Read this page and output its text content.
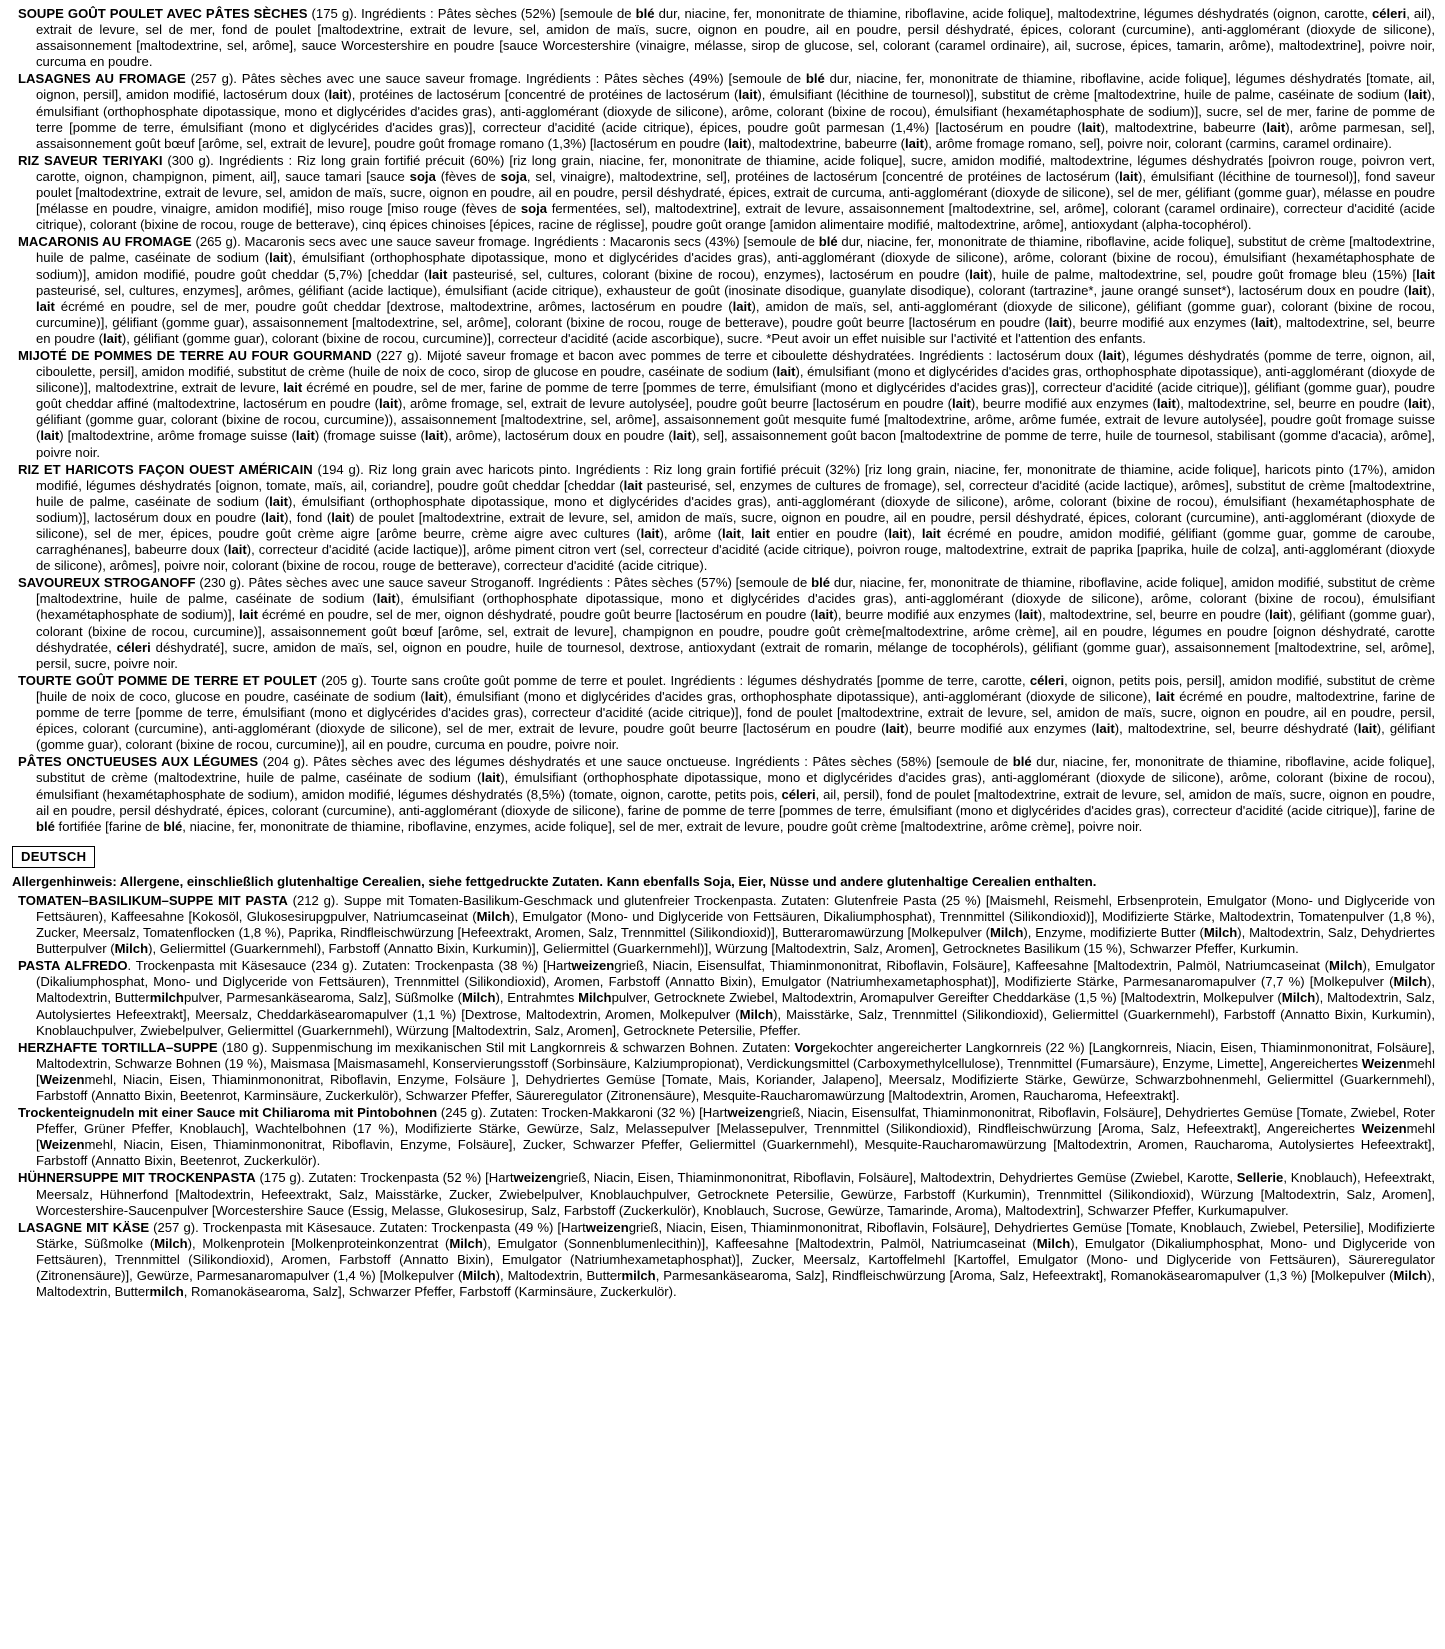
SOUPE GOÛT POULET AVEC PÂTES SÈCHES (175 g). Ingrédients : Pâtes sèches (52%) [semoule de blé dur, niacine, fer, mononitrate de thiamine, riboflavine, acide folique], maltodextrine, légumes déshydratés (oignon, carotte, céleri, ail), extrait de levure, sel de mer, fond de poulet [maltodextrine, extrait de levure, sel, amidon de maïs, sucre, oignon en poudre, ail en poudre, persil déshydraté, épices, colorant (curcumine), anti-agglomérant (dioxyde de silicone), assaisonnement [maltodextrine, sel, arôme], sauce Worcestershire en poudre [sauce Worcestershire (vinaigre, mélasse, sirop de glucose, sel, colorant (caramel ordinaire), ail, sucrose, épices, tamarin, arôme), maltodextrine], poivre noir, curcuma en poudre.

LASAGNES AU FROMAGE (257 g). Pâtes sèches avec une sauce saveur fromage. Ingrédients : Pâtes sèches (49%) [semoule de blé dur, niacine, fer, mononitrate de thiamine, riboflavine, acide folique], légumes déshydratés [tomate, ail, oignon, persil], amidon modifié, lactosérum doux (lait), protéines de lactosérum [concentré de protéines de lactosérum (lait), émulsifiant (lécithine de tournesol)], substitut de crème [maltodextrine, huile de palme, caséinate de sodium (lait), émulsifiant (orthophosphate dipotassique, mono et diglycérides d'acides gras), anti-agglomérant (dioxyde de silicone), arôme, colorant (bixine de rocou), émulsifiant (hexamétaphosphate de sodium)], sucre, sel de mer, farine de pomme de terre [pomme de terre, émulsifiant (mono et diglycérides d'acides gras)], correcteur d'acidité (acide citrique), épices, poudre goût parmesan (1,4%) [lactosérum en poudre (lait), maltodextrine, babeurre (lait), arôme parmesan, sel], assaisonnement goût bœuf [arôme, sel, extrait de levure], poudre goût fromage romano (1,3%) [lactosérum en poudre (lait), maltodextrine, babeurre (lait), arôme fromage romano, sel], poivre noir, colorant (carmins, caramel ordinaire).

RIZ SAVEUR TERIYAKI (300 g). Ingrédients : Riz long grain fortifié précuit (60%) [riz long grain, niacine, fer, mononitrate de thiamine, acide folique], sucre, amidon modifié, maltodextrine, légumes déshydratés [poivron rouge, poivron vert, carotte, oignon, champignon, piment, ail], sauce tamari [sauce soja (fèves de soja, sel, vinaigre), maltodextrine, sel], protéines de lactosérum [concentré de protéines de lactosérum (lait), émulsifiant (lécithine de tournesol)], fond saveur poulet [maltodextrine, extrait de levure, sel, amidon de maïs, sucre, oignon en poudre, ail en poudre, persil déshydraté, épices, extrait de curcuma, anti-agglomérant (dioxyde de silicone), sel de mer, gélifiant (gomme guar), mélasse en poudre [mélasse en poudre, vinaigre, amidon modifié], miso rouge [miso rouge (fèves de soja fermentées, sel), maltodextrine], extrait de levure, assaisonnement [maltodextrine, sel, arôme], colorant (caramel ordinaire), correcteur d'acidité (acide citrique), colorant (bixine de rocou, rouge de betterave), cinq épices chinoises [épices, racine de réglisse], poudre goût orange [amidon alimentaire modifié, maltodextrine, arôme], antioxydant (alpha-tocophérol).

MACARONIS AU FROMAGE (265 g). Macaronis secs avec une sauce saveur fromage. Ingrédients : Macaronis secs (43%) [semoule de blé dur, niacine, fer, mononitrate de thiamine, riboflavine, acide folique], substitut de crème [maltodextrine, huile de palme, caséinate de sodium (lait), émulsifiant (orthophosphate dipotassique, mono et diglycérides d'acides gras), anti-agglomérant (dioxyde de silicone), arôme, colorant (bixine de rocou), émulsifiant (hexamétaphosphate de sodium)], amidon modifié, poudre goût cheddar (5,7%) [cheddar (lait pasteurisé, sel, cultures, colorant (bixine de rocou), enzymes), lactosérum en poudre (lait), huile de palme, maltodextrine, sel, poudre goût fromage bleu (15%) [lait pasteurisé, sel, cultures, enzymes], arômes, gélifiant (acide lactique), émulsifiant (acide citrique), exhausteur de goût (inosinate disodique, guanylate disodique), colorant (tartrazine*, jaune orangé sunset*), lactosérum doux en poudre (lait), lait écrémé en poudre, sel de mer, poudre goût cheddar [dextrose, maltodextrine, arômes, lactosérum en poudre (lait), amidon de maïs, sel, anti-agglomérant (dioxyde de silicone), gélifiant (gomme guar), colorant (bixine de rocou, curcumine)], gélifiant (gomme guar), assaisonnement [maltodextrine, sel, arôme], colorant (bixine de rocou, rouge de betterave), poudre goût beurre [lactosérum en poudre (lait), beurre modifié aux enzymes (lait), maltodextrine, sel, beurre en poudre (lait), gélifiant (gomme guar), colorant (bixine de rocou, curcumine)], correcteur d'acidité (acide ascorbique), sucre. *Peut avoir un effet nuisible sur l'activité et l'attention des enfants.

MIJOTÉ DE POMMES DE TERRE AU FOUR GOURMAND (227 g). Mijoté saveur fromage et bacon avec pommes de terre et ciboulette déshydratées. Ingrédients : lactosérum doux (lait), légumes déshydratés (pomme de terre, oignon, ail, ciboulette, persil], amidon modifié, substitut de crème (huile de noix de coco, sirop de glucose en poudre, caséinate de sodium (lait), émulsifiant (mono et diglycérides d'acides gras, orthophosphate dipotassique), anti-agglomérant (dioxyde de silicone)], maltodextrine, extrait de levure, lait écrémé en poudre, sel de mer, farine de pomme de terre [pommes de terre, émulsifiant (mono et diglycérides d'acides gras)], correcteur d'acidité (acide citrique)], gélifiant (gomme guar), poudre goût cheddar affiné (maltodextrine, lactosérum en poudre (lait), arôme fromage, sel, extrait de levure autolysée], poudre goût beurre [lactosérum en poudre (lait), beurre modifié aux enzymes (lait), maltodextrine, sel, beurre en poudre (lait), gélifiant (gomme guar, colorant (bixine de rocou, curcumine)), assaisonnement [maltodextrine, sel, arôme], assaisonnement goût mesquite fumé [maltodextrine, arôme, arôme fumée, extrait de levure autolysée], poudre goût fromage suisse (lait) [maltodextrine, arôme fromage suisse (lait) (fromage suisse (lait), arôme), lactosérum doux en poudre (lait), sel], assaisonnement goût bacon [maltodextrine de pomme de terre, huile de tournesol, stabilisant (gomme d'acacia), arôme], poivre noir.

RIZ ET HARICOTS FAÇON OUEST AMÉRICAIN (194 g). Riz long grain avec haricots pinto. Ingrédients : Riz long grain fortifié précuit (32%) [riz long grain, niacine, fer, mononitrate de thiamine, acide folique], haricots pinto (17%), amidon modifié, légumes déshydratés [oignon, tomate, maïs, ail, coriandre], poudre goût cheddar [cheddar (lait pasteurisé, sel, enzymes de cultures de fromage), sel, correcteur d'acidité (acide lactique), arômes], substitut de crème [maltodextrine, huile de palme, caséinate de sodium (lait), émulsifiant (orthophosphate dipotassique, mono et diglycérides d'acides gras), anti-agglomérant (dioxyde de silicone), arôme, colorant (bixine de rocou), émulsifiant (hexamétaphosphate de sodium)], lactosérum doux en poudre (lait), fond (lait) de poulet [maltodextrine, extrait de levure, sel, amidon de maïs, sucre, oignon en poudre, ail en poudre, persil déshydraté, épices, colorant (curcumine), anti-agglomérant (dioxyde de silicone), sel de mer, épices, poudre goût crème aigre [arôme beurre, crème aigre avec cultures (lait), arôme (lait, lait entier en poudre (lait), lait écrémé en poudre, amidon modifié, gélifiant (gomme guar, gomme de caroube, carraghénanes], babeurre doux (lait), correcteur d'acidité (acide lactique)], arôme piment citron vert (sel, correcteur d'acidité (acide citrique), poivron rouge, maltodextrine, extrait de paprika [paprika, huile de colza], anti-agglomérant (dioxyde de silicone), arômes], poivre noir, colorant (bixine de rocou, rouge de betterave), correcteur d'acidité (acide citrique).

SAVOUREUX STROGANOFF (230 g). Pâtes sèches avec une sauce saveur Stroganoff. Ingrédients : Pâtes sèches (57%) [semoule de blé dur, niacine, fer, mononitrate de thiamine, riboflavine, acide folique], amidon modifié, substitut de crème [maltodextrine, huile de palme, caséinate de sodium (lait), émulsifiant (orthophosphate dipotassique, mono et diglycérides d'acides gras), anti-agglomérant (dioxyde de silicone), arôme, colorant (bixine de rocou), émulsifiant (hexamétaphosphate de sodium)], lait écrémé en poudre, sel de mer, oignon déshydraté, poudre goût beurre [lactosérum en poudre (lait), beurre modifié aux enzymes (lait), maltodextrine, sel, beurre en poudre (lait), gélifiant (gomme guar), colorant (bixine de rocou, curcumine)], assaisonnement goût bœuf [arôme, sel, extrait de levure], champignon en poudre, poudre goût crème[maltodextrine, arôme crème], ail en poudre, légumes en poudre [oignon déshydraté, carotte déshydratée, céleri déshydraté], sucre, amidon de maïs, sel, oignon en poudre, huile de tournesol, dextrose, antioxydant (extrait de romarin, mélange de tocophérols), gélifiant (gomme guar), assaisonnement [maltodextrine, sel, arôme], persil, sucre, poivre noir.

TOURTE GOÛT POMME DE TERRE ET POULET (205 g). Tourte sans croûte goût pomme de terre et poulet. Ingrédients : légumes déshydratés [pomme de terre, carotte, céleri, oignon, petits pois, persil], amidon modifié, substitut de crème [huile de noix de coco, glucose en poudre, caséinate de sodium (lait), émulsifiant (mono et diglycérides d'acides gras, orthophosphate dipotassique), anti-agglomérant (dioxyde de silicone), lait écrémé en poudre, maltodextrine, farine de pomme de terre [pomme de terre, émulsifiant (mono et diglycérides d'acides gras), correcteur d'acidité (acide citrique)], fond de poulet [maltodextrine, extrait de levure, sel, amidon de maïs, sucre, oignon en poudre, ail en poudre, persil, épices, colorant (curcumine), anti-agglomérant (dioxyde de silicone), sel de mer, extrait de levure, poudre goût beurre [lactosérum en poudre (lait), beurre modifié aux enzymes (lait), maltodextrine, sel, beurre déshydraté (lait), gélifiant (gomme guar), colorant (bixine de rocou, curcumine)], ail en poudre, curcuma en poudre, poivre noir.

PÂTES ONCTUEUSES AUX LÉGUMES (204 g). Pâtes sèches avec des légumes déshydratés et une sauce onctueuse. Ingrédients : Pâtes sèches (58%) [semoule de blé dur, niacine, fer, mononitrate de thiamine, riboflavine, acide folique], substitut de crème (maltodextrine, huile de palme, caséinate de sodium (lait), émulsifiant (orthophosphate dipotassique, mono et diglycérides d'acides gras), anti-agglomérant (dioxyde de silicone), arôme, colorant (bixine de rocou), émulsifiant (hexamétaphosphate de sodium), amidon modifié, légumes déshydratés (8,5%) (tomate, oignon, carotte, petits pois, céleri, ail, persil), fond de poulet [maltodextrine, extrait de levure, sel, amidon de maïs, sucre, oignon en poudre, ail en poudre, persil déshydraté, épices, colorant (curcumine), anti-agglomérant (dioxyde de silicone), farine de pomme de terre [pommes de terre, émulsifiant (mono et diglycérides d'acides gras), correcteur d'acidité (acide citrique)], farine de blé fortifiée [farine de blé, niacine, fer, mononitrate de thiamine, riboflavine, enzymes, acide folique], sel de mer, extrait de levure, poudre goût crème [maltodextrine, arôme crème], poivre noir.

DEUTSCH

Allergenhinweis: Allergene, einschließlich glutenhaltige Cerealien, siehe fettgedruckte Zutaten. Kann ebenfalls Soja, Eier, Nüsse und andere glutenhaltige Cerealien enthalten.

TOMATEN–BASILIKUM–SUPPE MIT PASTA (212 g). Suppe mit Tomaten-Basilikum-Geschmack und glutenfreier Trockenpasta. Zutaten: Glutenfreie Pasta (25 %) [Maismehl, Reismehl, Erbsenprotein, Emulgator (Mono- und Diglyceride von Fettsäuren), Kaffeesahne [Kokosöl, Glukosesirupgpulver, Natriumcaseinat (Milch), Emulgator (Mono- und Diglyceride von Fettsäuren, Dikaliumphosphat), Trennmittel (Silikondioxid)], Modifizierte Stärke, Maltodextrin, Tomatenpulver (1,8 %), Zucker, Meersalz, Tomatenflocken (1,8 %), Paprika, Rindfleischwürzung [Hefeextrakt, Aromen, Salz, Trennmittel (Silikondioxid)], Butteraromawürzung [Molkepulver (Milch), Enzyme, modifizierte Butter (Milch), Maltodextrin, Salz, Dehydriertes Butterpulver (Milch), Geliermittel (Guarkernmehl), Farbstoff (Annatto Bixin, Kurkumin)], Geliermittel (Guarkernmehl)], Würzung [Maltodextrin, Salz, Aromen], Getrocknetes Basilikum (15 %), Schwarzer Pfeffer, Kurkumin.

PASTA ALFREDO. Trockenpasta mit Käsesauce (234 g). Zutaten: Trockenpasta (38 %) [Hartweizengrieß, Niacin, Eisensulfat, Thiaminmononitrat, Riboflavin, Folsäure], Kaffeesahne [Maltodextrin, Palmöl, Natriumcaseinat (Milch), Emulgator (Dikaliumphosphat, Mono- und Diglyceride von Fettsäuren), Trennmittel (Silikondioxid), Aromen, Farbstoff (Annatto Bixin), Emulgator (Natriumhexametaphosphat)], Modifizierte Stärke, Parmesanaromapulver (7,7 %) [Molkepulver (Milch), Maltodextrin, Buttermilchpulver, Parmesankäsearoma, Salz], Süßmolke (Milch), Entrahmtes Milchpulver, Getrocknete Zwiebel, Maltodextrin, Aromapulver Gereifter Cheddarkäse (1,5 %) [Maltodextrin, Molkepulver (Milch), Maltodextrin, Salz, Autolysiertes Hefeextrakt], Meersalz, Cheddarkäsearomapulver (1,1 %) [Dextrose, Maltodextrin, Aromen, Molkepulver (Milch), Maisstärke, Salz, Trennmittel (Silikondioxid), Geliermittel (Guarkernmehl), Farbstoff (Annatto Bixin, Kurkumin), Knoblauchpulver, Zwiebelpulver, Geliermittel (Guarkernmehl), Würzung [Maltodextrin, Salz, Aromen], Getrocknete Petersilie, Pfeffer.

HERZHAFTE TORTILLA–SUPPE (180 g). Suppenmischung im mexikanischen Stil mit Langkornreis & schwarzen Bohnen. Zutaten: Vorgekochter angereicherter Langkornreis (22 %) [Langkornreis, Niacin, Eisen, Thiaminmononitrat, Folsäure], Maltodextrin, Schwarze Bohnen (19 %), Maismasa [Maismasamehl, Konservierungsstoff (Sorbinsäure, Kalziumpropionat), Verdickungsmittel (Carboxymethylcellulose), Trennmittel (Fumarsäure), Enzyme, Limette], Angereichertes Weizenmehl [Weizenmehl, Niacin, Eisen, Thiaminmononitrat, Riboflavin, Enzyme, Folsäure ], Dehydriertes Gemüse [Tomate, Mais, Koriander, Jalapeno], Meersalz, Modifizierte Stärke, Gewürze, Schwarzbohnenmehl, Geliermittel (Guarkernmehl), Farbstoff (Annatto Bixin, Beetenrot, Karminsäure, Zuckerkulör), Schwarzer Pfeffer, Säureregulator (Zitronensäure), Mesquite-Raucharomawürzung [Maltodextrin, Aromen, Raucharoma, Hefeextrakt].

Trockenteignudeln mit einer Sauce mit Chiliaroma mit Pintobohnen (245 g). Zutaten: Trocken-Makkaroni (32 %) [Hartweizengrieß, Niacin, Eisensulfat, Thiaminmononitrat, Riboflavin, Folsäure], Dehydriertes Gemüse [Tomate, Zwiebel, Roter Pfeffer, Grüner Pfeffer, Knoblauch], Wachtelbohnen (17 %), Modifizierte Stärke, Gewürze, Salz, Melassepulver [Melassepulver, Trennmittel (Silikondioxid), Rindfleischwürzung [Aroma, Salz, Hefeextrakt], Angereichertes Weizenmehl [Weizenmehl, Niacin, Eisen, Thiaminmononitrat, Riboflavin, Enzyme, Folsäure], Zucker, Schwarzer Pfeffer, Geliermittel (Guarkernmehl), Mesquite-Raucharomawürzung [Maltodextrin, Aromen, Raucharoma, Autolysiertes Hefeextrakt], Farbstoff (Annatto Bixin, Beetenrot, Zuckerkulör).

HÜHNERSUPPE MIT TROCKENPASTA (175 g). Zutaten: Trockenpasta (52 %) [Hartweizengrieß, Niacin, Eisen, Thiaminmononitrat, Riboflavin, Folsäure], Maltodextrin, Dehydriertes Gemüse (Zwiebel, Karotte, Sellerie, Knoblauch), Hefeextrakt, Meersalz, Hühnerfond [Maltodextrin, Hefeextrakt, Salz, Maisstärke, Zucker, Zwiebelpulver, Knoblauchpulver, Getrocknete Petersilie, Gewürze, Farbstoff (Kurkumin), Trennmittel (Silikondioxid), Würzung [Maltodextrin, Salz, Aromen], Worcestershire-Saucenpulver [Worcestershire Sauce (Essig, Melasse, Glukosesirup, Salz, Farbstoff (Zuckerkulör), Knoblauch, Sucrose, Gewürze, Tamarinde, Aroma), Maltodextrin], Schwarzer Pfeffer, Kurkumapulver.

LASAGNE MIT KÄSE (257 g). Trockenpasta mit Käsesauce. Zutaten: Trockenpasta (49 %) [Hartweizengrieß, Niacin, Eisen, Thiaminmononitrat, Riboflavin, Folsäure], Dehydriertes Gemüse [Tomate, Knoblauch, Zwiebel, Petersilie], Modifizierte Stärke, Süßmolke (Milch), Molkenprotein [Molkenproteinkonzentrat (Milch), Emulgator (Sonnenblumenlecithin)], Kaffeesahne [Maltodextrin, Palmöl, Natriumcaseinat (Milch), Emulgator (Dikaliumphosphat, Mono- und Diglyceride von Fettsäuren), Trennmittel (Silikondioxid), Aromen, Farbstoff (Annatto Bixin), Emulgator (Natriumhexametaphosphat)], Zucker, Meersalz, Kartoffelmehl [Kartoffel, Emulgator (Mono- und Diglyceride von Fettsäuren), Säureregulator (Zitronensäure)], Gewürze, Parmesanaromapulver (1,4 %) [Molkepulver (Milch), Maltodextrin, Buttermilch, Parmesankäsearoma, Salz], Rindfleischwürzung [Aroma, Salz, Hefeextrakt], Romanokäsearomapulver (1,3 %) [Molkepulver (Milch), Maltodextrin, Buttermilch, Romanokäsearoma, Salz], Schwarzer Pfeffer, Farbstoff (Karminsäure, Zuckerkulör).
